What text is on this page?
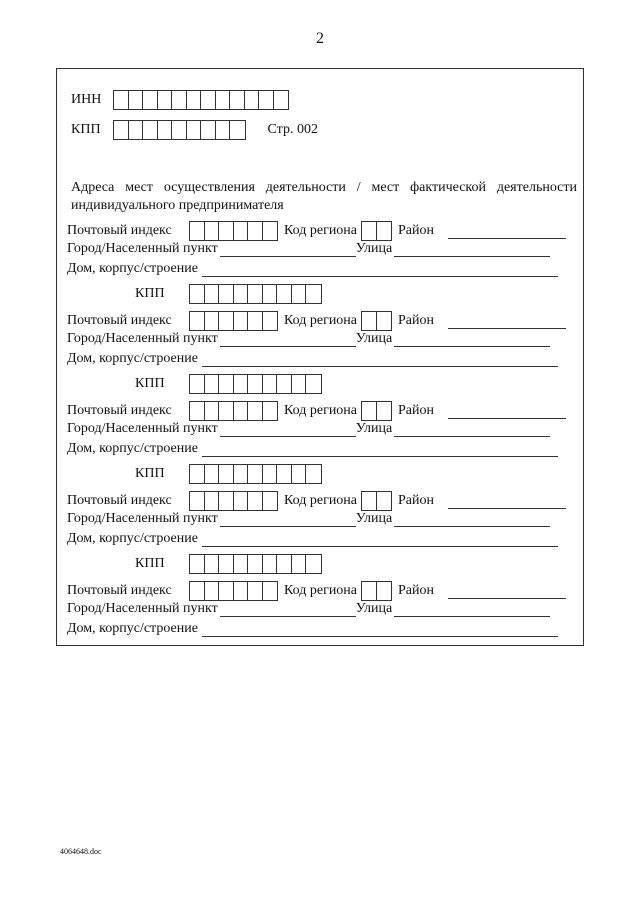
2
ИНН
КПП	Стр. 002
Адреса мест осуществления деятельности / мест фактической деятельности индивидуального предпринимателя
Почтовый индекс	Код региона	Район
Город/Населенный пункт	Улица
Дом, корпус/строение
КПП
Почтовый индекс	Код региона	Район
Город/Населенный пункт	Улица
Дом, корпус/строение
КПП
Почтовый индекс	Код региона	Район
Город/Населенный пункт	Улица
Дом, корпус/строение
КПП
Почтовый индекс	Код региона	Район
Город/Населенный пункт	Улица
Дом, корпус/строение
КПП
Почтовый индекс	Код региона	Район
Город/Населенный пункт	Улица
Дом, корпус/строение
4064648.doc
